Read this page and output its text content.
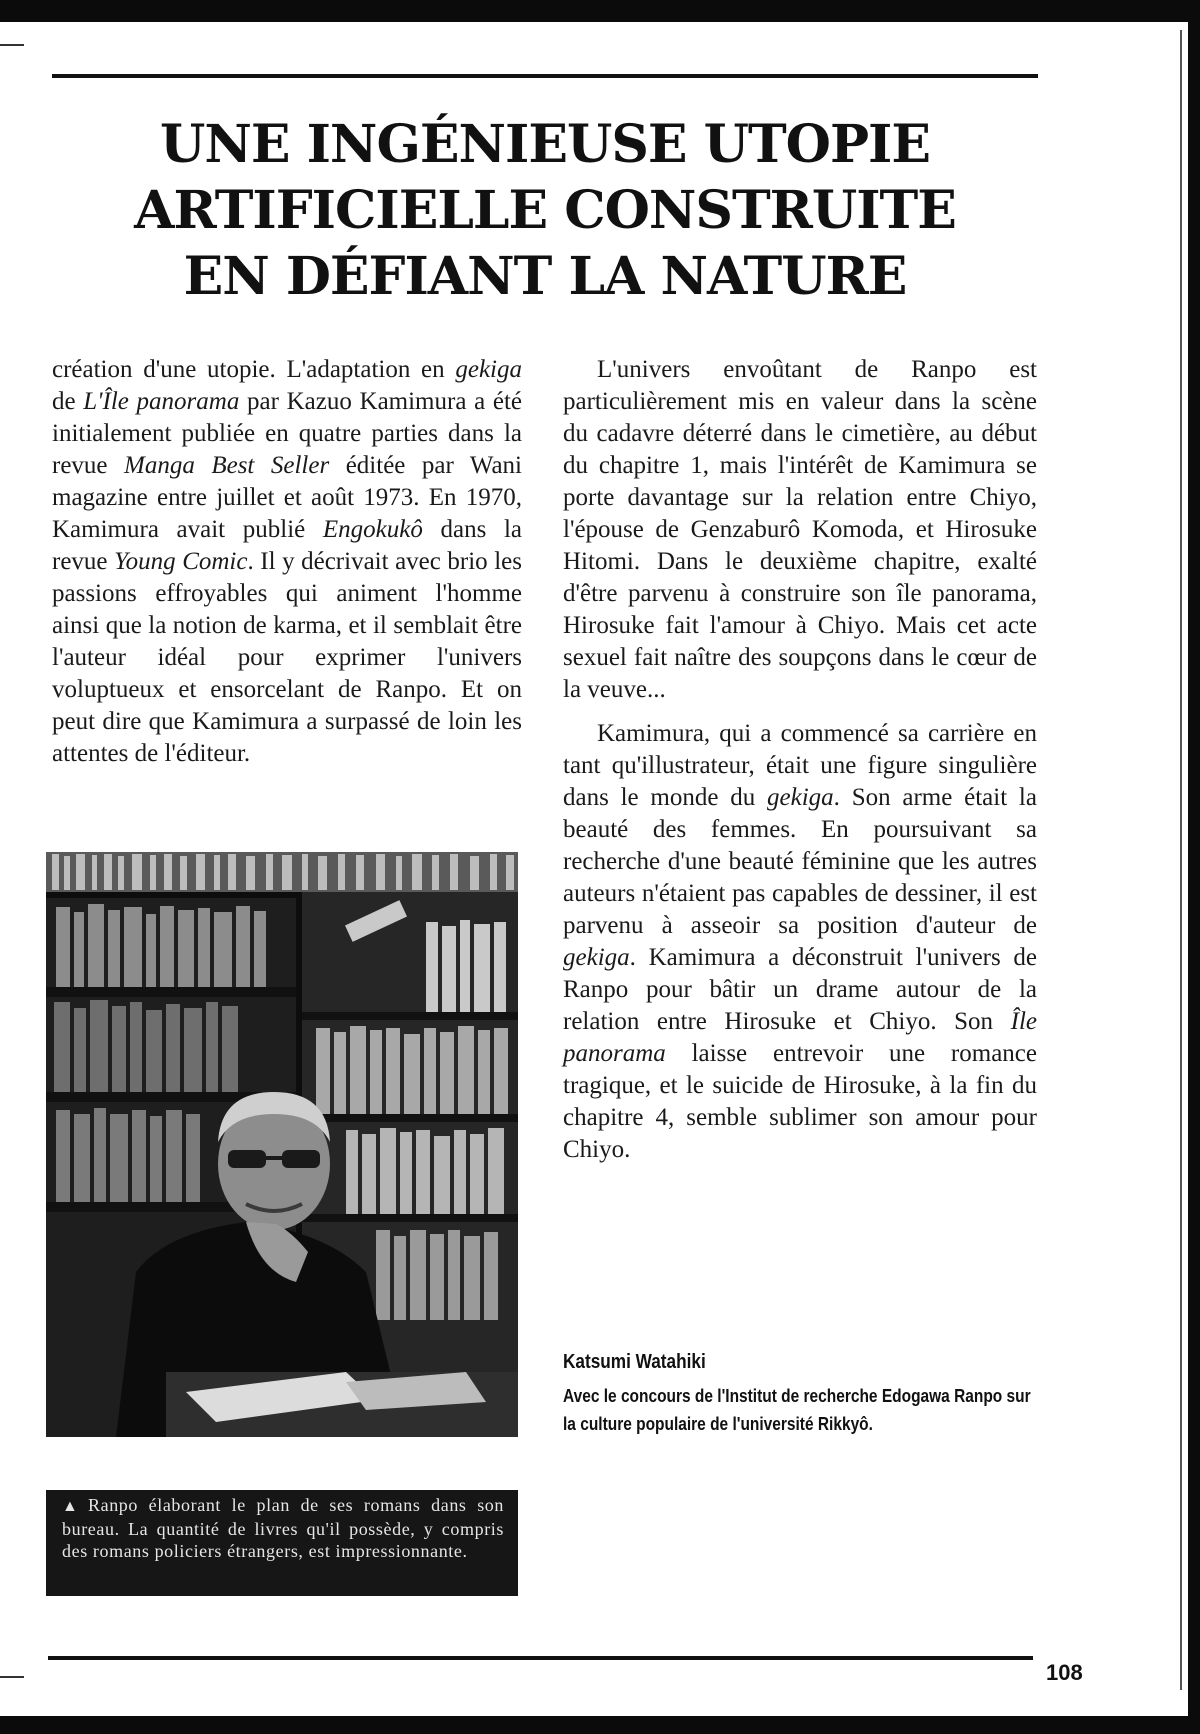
UNE INGÉNIEUSE UTOPIE
ARTIFICIELLE CONSTRUITE
EN DÉFIANT LA NATURE

création d'une utopie. L'adaptation en gekiga de L'Île panorama par Kazuo Kamimura a été initialement publiée en quatre parties dans la revue Manga Best Seller éditée par Wani magazine entre juillet et août 1973. En 1970, Kamimura avait publié Engokukô dans la revue Young Comic. Il y décrivait avec brio les passions effroyables qui animent l'homme ainsi que la notion de karma, et il semblait être l'auteur idéal pour exprimer l'univers voluptueux et ensorcelant de Ranpo. Et on peut dire que Kamimura a surpassé de loin les attentes de l'éditeur.

▲ Ranpo élaborant le plan de ses romans dans son bureau. La quantité de livres qu'il possède, y compris des romans policiers étrangers, est impressionnante.

L'univers envoûtant de Ranpo est particulièrement mis en valeur dans la scène du cadavre déterré dans le cimetière, au début du chapitre 1, mais l'intérêt de Kamimura se porte davantage sur la relation entre Chiyo, l'épouse de Genzaburô Komoda, et Hirosuke Hitomi. Dans le deuxième chapitre, exalté d'être parvenu à construire son île panorama, Hirosuke fait l'amour à Chiyo. Mais cet acte sexuel fait naître des soupçons dans le cœur de la veuve...

Kamimura, qui a commencé sa carrière en tant qu'illustrateur, était une figure singulière dans le monde du gekiga. Son arme était la beauté des femmes. En poursuivant sa recherche d'une beauté féminine que les autres auteurs n'étaient pas capables de dessiner, il est parvenu à asseoir sa position d'auteur de gekiga. Kamimura a déconstruit l'univers de Ranpo pour bâtir un drame autour de la relation entre Hirosuke et Chiyo. Son Île panorama laisse entrevoir une romance tragique, et le suicide de Hirosuke, à la fin du chapitre 4, semble sublimer son amour pour Chiyo.

Katsumi Watahiki
Avec le concours de l'Institut de recherche Edogawa Ranpo sur la culture populaire de l'université Rikkyô.
108
